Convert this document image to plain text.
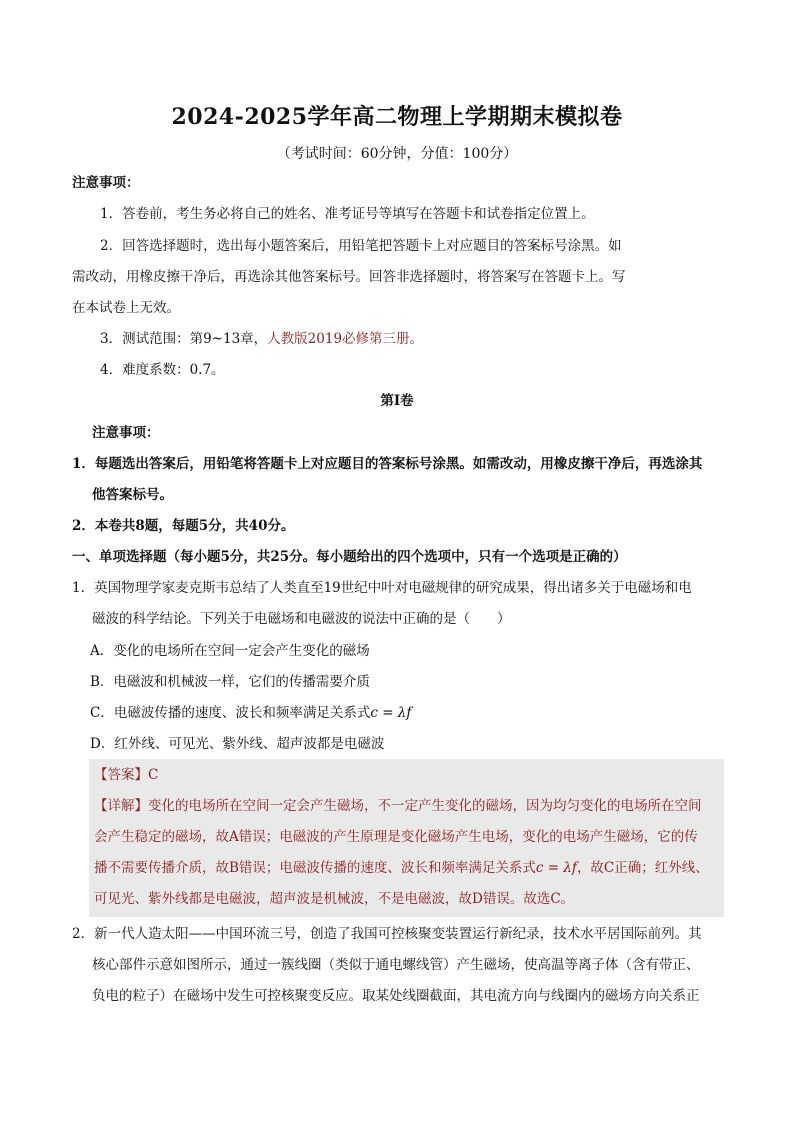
2024-2025学年高二物理上学期期末模拟卷
（考试时间：60分钟，分值：100分）
注意事项：
1．答卷前，考生务必将自己的姓名、准考证号等填写在答题卡和试卷指定位置上。
2．回答选择题时，选出每小题答案后，用铅笔把答题卡上对应题目的答案标号涂黑。如
需改动，用橡皮擦干净后，再选涂其他答案标号。回答非选择题时，将答案写在答题卡上。写
在本试卷上无效。
3．测试范围：第9~13章，人教版2019必修第三册。
4．难度系数：0.7。
第Ⅰ卷
注意事项：
1．每题选出答案后，用铅笔将答题卡上对应题目的答案标号涂黑。如需改动，用橡皮擦干净后，再选涂其
他答案标号。
2．本卷共8题，每题5分，共40分。
一、单项选择题（每小题5分，共25分。每小题给出的四个选项中，只有一个选项是正确的）
1．英国物理学家麦克斯韦总结了人类直至19世纪中叶对电磁规律的研究成果，得出诸多关于电磁场和电
磁波的科学结论。下列关于电磁场和电磁波的说法中正确的是（　　）
A．变化的电场所在空间一定会产生变化的磁场
B．电磁波和机械波一样，它们的传播需要介质
C．电磁波传播的速度、波长和频率满足关系式c = λf
D．红外线、可见光、紫外线、超声波都是电磁波
【答案】C
【详解】变化的电场所在空间一定会产生磁场，不一定产生变化的磁场，因为均匀变化的电场所在空间
会产生稳定的磁场，故A错误；电磁波的产生原理是变化磁场产生电场，变化的电场产生磁场，它的传
播不需要传播介质，故B错误；电磁波传播的速度、波长和频率满足关系式c = λf，故C正确；红外线、
可见光、紫外线都是电磁波，超声波是机械波，不是电磁波，故D错误。故选C。
2．新一代人造太阳——中国环流三号，创造了我国可控核聚变装置运行新纪录，技术水平居国际前列。其
核心部件示意如图所示，通过一簇线圈（类似于通电螺线管）产生磁场，使高温等离子体（含有带正、
负电的粒子）在磁场中发生可控核聚变反应。取某处线圈截面，其电流方向与线圈内的磁场方向关系正
